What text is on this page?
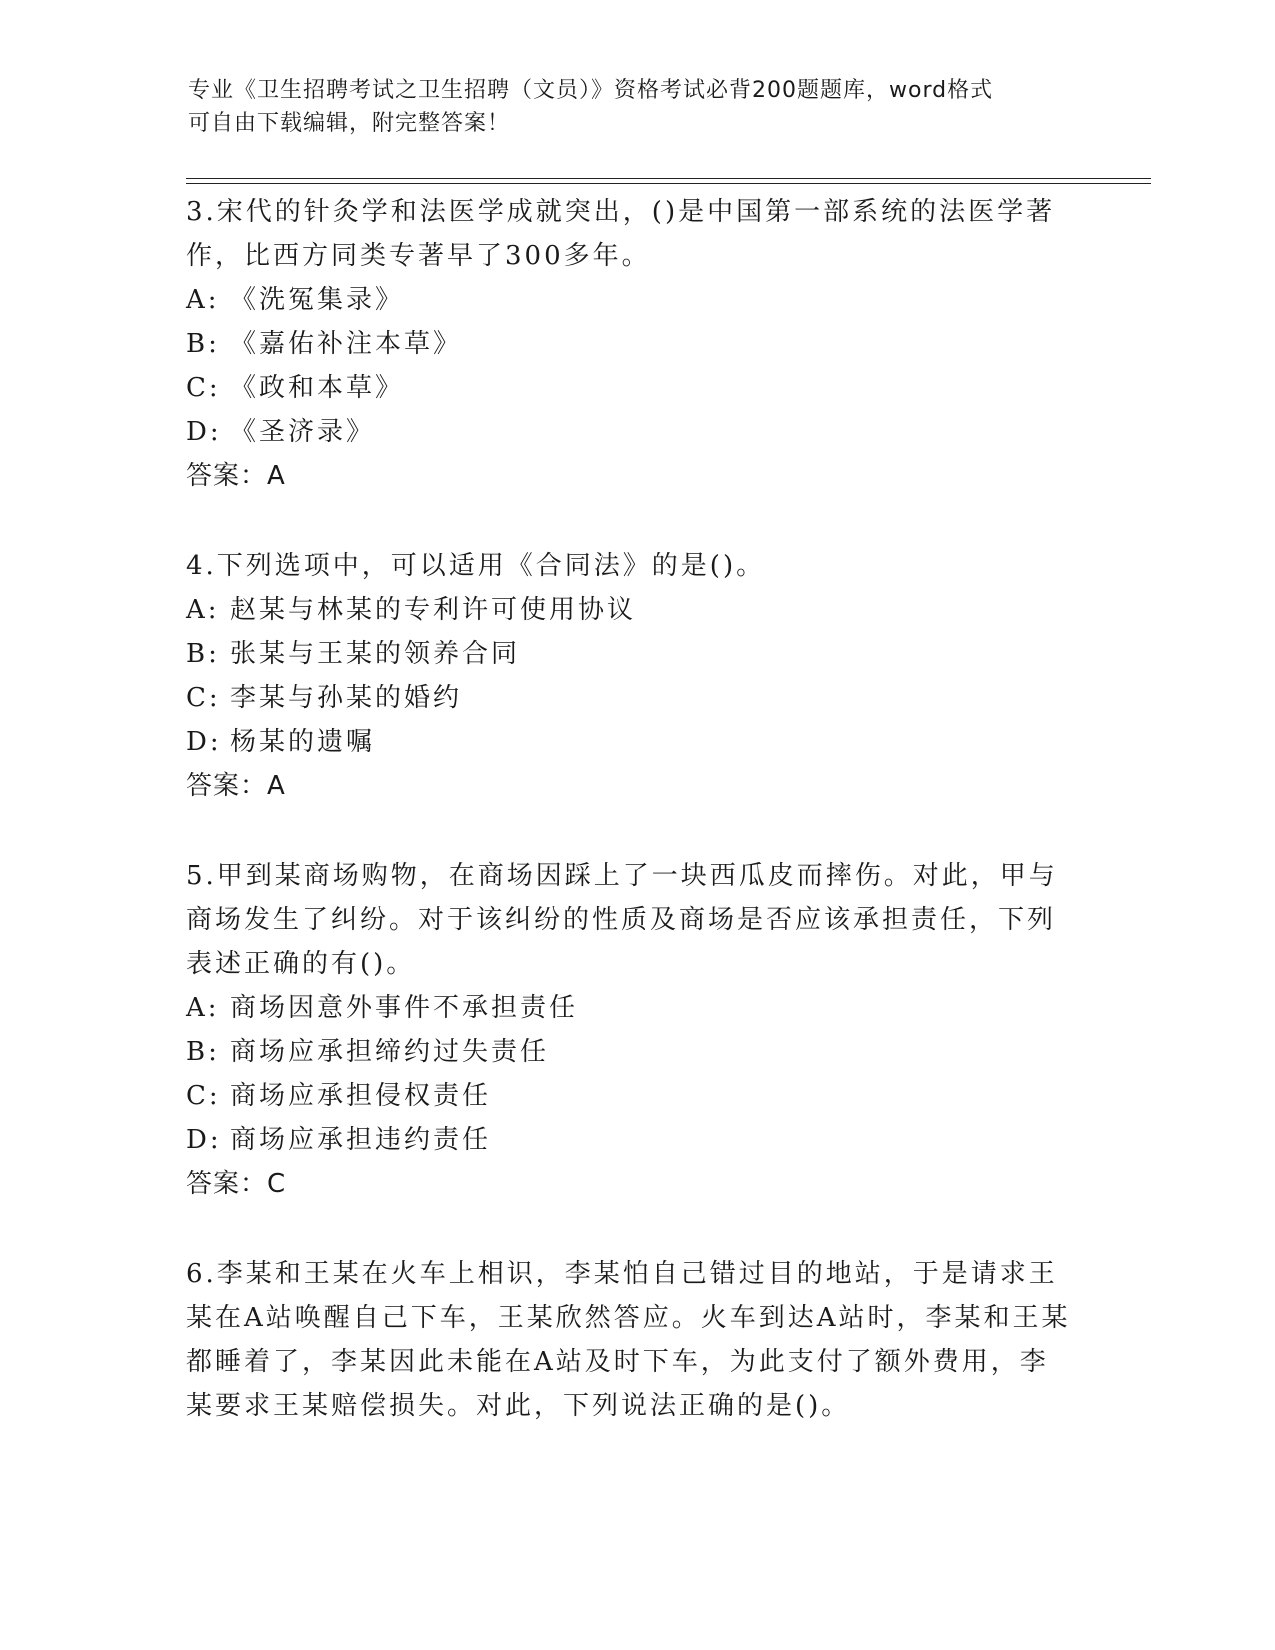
专业《卫生招聘考试之卫生招聘（文员）》资格考试必背200题题库，word格式
可自由下载编辑，附完整答案！

3.宋代的针灸学和法医学成就突出，()是中国第一部系统的法医学著作，比西方同类专著早了300多年。

A: 《洗冤集录》

B: 《嘉佑补注本草》

C: 《政和本草》

D: 《圣济录》

答案：A

4.下列选项中，可以适用《合同法》的是()。

A: 赵某与林某的专利许可使用协议

B: 张某与王某的领养合同

C: 李某与孙某的婚约

D: 杨某的遗嘱

答案：A

5.甲到某商场购物，在商场因踩上了一块西瓜皮而摔伤。对此，甲与商场发生了纠纷。对于该纠纷的性质及商场是否应该承担责任，下列表述正确的有()。

A: 商场因意外事件不承担责任

B: 商场应承担缔约过失责任

C: 商场应承担侵权责任

D: 商场应承担违约责任

答案：C

6.李某和王某在火车上相识，李某怕自己错过目的地站，于是请求王某在A站唤醒自己下车，王某欣然答应。火车到达A站时，李某和王某都睡着了，李某因此未能在A站及时下车，为此支付了额外费用，李某要求王某赔偿损失。对此，下列说法正确的是()。
